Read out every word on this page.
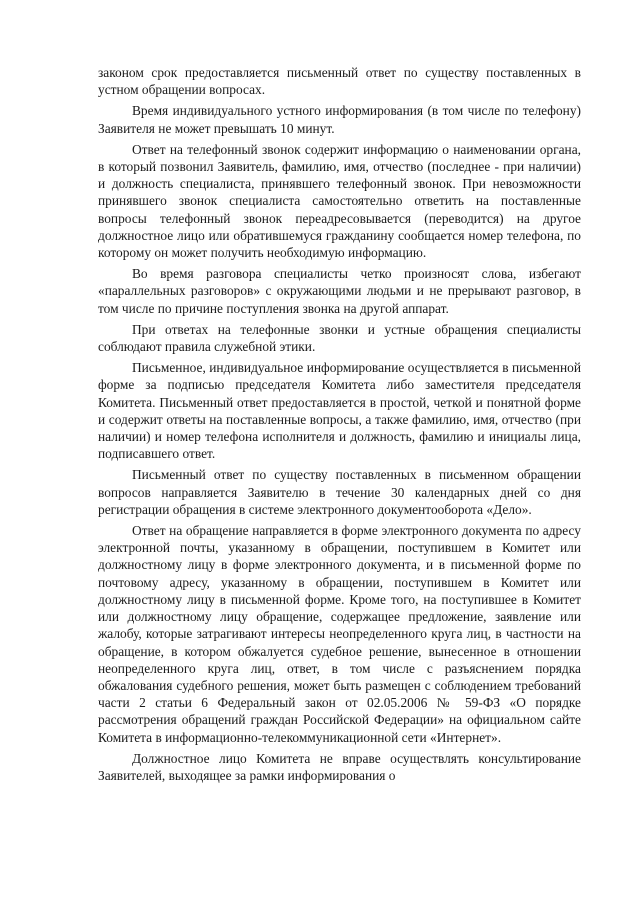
законом срок предоставляется письменный ответ по существу поставленных в устном обращении вопросах.

Время индивидуального устного информирования (в том числе по телефону) Заявителя не может превышать 10 минут.

Ответ на телефонный звонок содержит информацию о наименовании органа, в который позвонил Заявитель, фамилию, имя, отчество (последнее - при наличии) и должность специалиста, принявшего телефонный звонок. При невозможности принявшего звонок специалиста самостоятельно ответить на поставленные вопросы телефонный звонок переадресовывается (переводится) на другое должностное лицо или обратившемуся гражданину сообщается номер телефона, по которому он может получить необходимую информацию.

Во время разговора специалисты четко произносят слова, избегают «параллельных разговоров» с окружающими людьми и не прерывают разговор, в том числе по причине поступления звонка на другой аппарат.

При ответах на телефонные звонки и устные обращения специалисты соблюдают правила служебной этики.

Письменное, индивидуальное информирование осуществляется в письменной форме за подписью председателя Комитета либо заместителя председателя Комитета. Письменный ответ предоставляется в простой, четкой и понятной форме и содержит ответы на поставленные вопросы, а также фамилию, имя, отчество (при наличии) и номер телефона исполнителя и должность, фамилию и инициалы лица, подписавшего ответ.

Письменный ответ по существу поставленных в письменном обращении вопросов направляется Заявителю в течение 30 календарных дней со дня регистрации обращения в системе электронного документооборота «Дело».

Ответ на обращение направляется в форме электронного документа по адресу электронной почты, указанному в обращении, поступившем в Комитет или должностному лицу в форме электронного документа, и в письменной форме по почтовому адресу, указанному в обращении, поступившем в Комитет или должностному лицу в письменной форме. Кроме того, на поступившее в Комитет или должностному лицу обращение, содержащее предложение, заявление или жалобу, которые затрагивают интересы неопределенного круга лиц, в частности на обращение, в котором обжалуется судебное решение, вынесенное в отношении неопределенного круга лиц, ответ, в том числе с разъяснением порядка обжалования судебного решения, может быть размещен с соблюдением требований части 2 статьи 6 Федеральный закон от 02.05.2006 № 59-ФЗ «О порядке рассмотрения обращений граждан Российской Федерации» на официальном сайте Комитета в информационно-телекоммуникационной сети «Интернет».

Должностное лицо Комитета не вправе осуществлять консультирование Заявителей, выходящее за рамки информирования о
